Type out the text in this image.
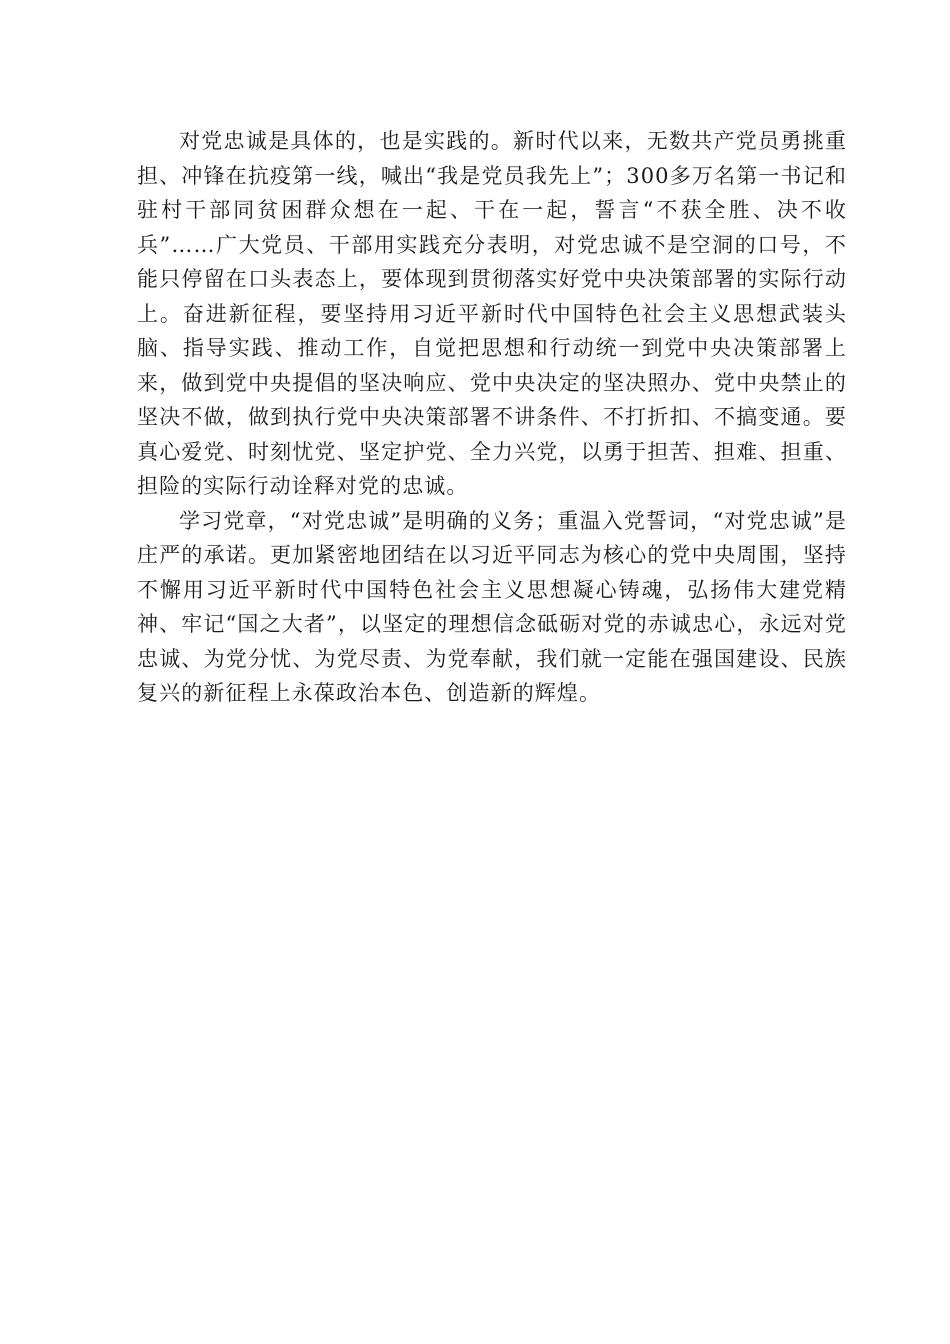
对党忠诚是具体的，也是实践的。新时代以来，无数共产党员勇挑重担、冲锋在抗疫第一线，喊出“我是党员我先上”；300多万名第一书记和驻村干部同贫困群众想在一起、干在一起，誓言“不获全胜、决不收兵”……广大党员、干部用实践充分表明，对党忠诚不是空洞的口号，不能只停留在口头表态上，要体现到贯彻落实好党中央决策部署的实际行动上。奋进新征程，要坚持用习近平新时代中国特色社会主义思想武装头脑、指导实践、推动工作，自觉把思想和行动统一到党中央决策部署上来，做到党中央提倡的坚决响应、党中央决定的坚决照办、党中央禁止的坚决不做，做到执行党中央决策部署不讲条件、不打折扣、不搞变通。要真心爱党、时刻忧党、坚定护党、全力兴党，以勇于担苦、担难、担重、担险的实际行动诠释对党的忠诚。

学习党章，“对党忠诚”是明确的义务；重温入党誓词，“对党忠诚”是庄严的承诺。更加紧密地团结在以习近平同志为核心的党中央周围，坚持不懈用习近平新时代中国特色社会主义思想凝心铸魂，弘扬伟大建党精神、牢记“国之大者”，以坚定的理想信念砥砺对党的赤诚忠心，永远对党忠诚、为党分忧、为党尽责、为党奉献，我们就一定能在强国建设、民族复兴的新征程上永葆政治本色、创造新的辉煌。
